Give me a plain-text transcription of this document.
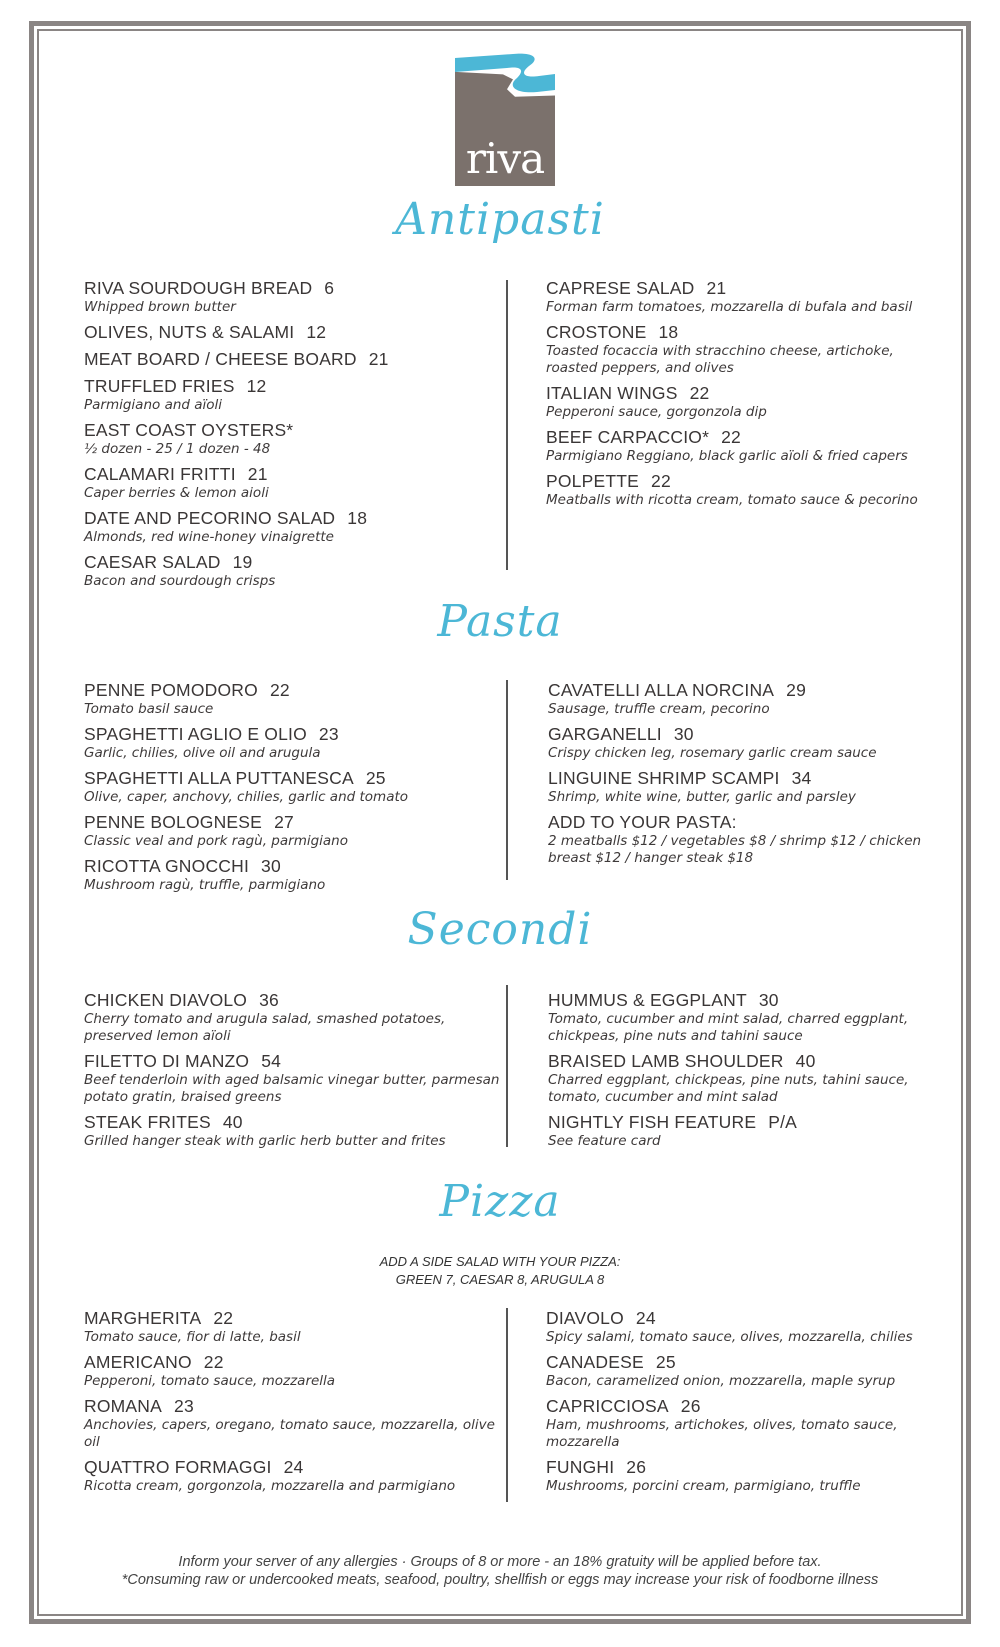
riva
Antipasti
RIVA SOURDOUGH BREAD 6
Whipped brown butter
OLIVES, NUTS & SALAMI 12
MEAT BOARD / CHEESE BOARD 21
TRUFFLED FRIES 12
Parmigiano and aïoli
EAST COAST OYSTERS*
½ dozen - 25 / 1 dozen - 48
CALAMARI FRITTI 21
Caper berries & lemon aioli
DATE AND PECORINO SALAD 18
Almonds, red wine-honey vinaigrette
CAESAR SALAD 19
Bacon and sourdough crisps
CAPRESE SALAD 21
Forman farm tomatoes, mozzarella di bufala and basil
CROSTONE 18
Toasted focaccia with stracchino cheese, artichoke, roasted peppers, and olives
ITALIAN WINGS 22
Pepperoni sauce, gorgonzola dip
BEEF CARPACCIO* 22
Parmigiano Reggiano, black garlic aïoli & fried capers
POLPETTE 22
Meatballs with ricotta cream, tomato sauce & pecorino
Pasta
PENNE POMODORO 22
Tomato basil sauce
SPAGHETTI AGLIO E OLIO 23
Garlic, chilies, olive oil and arugula
SPAGHETTI ALLA PUTTANESCA 25
Olive, caper, anchovy, chilies, garlic and tomato
PENNE BOLOGNESE 27
Classic veal and pork ragù, parmigiano
RICOTTA GNOCCHI 30
Mushroom ragù, truffle, parmigiano
CAVATELLI ALLA NORCINA 29
Sausage, truffle cream, pecorino
GARGANELLI 30
Crispy chicken leg, rosemary garlic cream sauce
LINGUINE SHRIMP SCAMPI 34
Shrimp, white wine, butter, garlic and parsley
ADD TO YOUR PASTA:
2 meatballs $12 / vegetables $8 / shrimp $12 / chicken breast $12 / hanger steak $18
Secondi
CHICKEN DIAVOLO 36
Cherry tomato and arugula salad, smashed potatoes, preserved lemon aïoli
FILETTO DI MANZO 54
Beef tenderloin with aged balsamic vinegar butter, parmesan potato gratin, braised greens
STEAK FRITES 40
Grilled hanger steak with garlic herb butter and frites
HUMMUS & EGGPLANT 30
Tomato, cucumber and mint salad, charred eggplant, chickpeas, pine nuts and tahini sauce
BRAISED LAMB SHOULDER 40
Charred eggplant, chickpeas, pine nuts, tahini sauce, tomato, cucumber and mint salad
NIGHTLY FISH FEATURE P/A
See feature card
Pizza
ADD A SIDE SALAD WITH YOUR PIZZA:
GREEN 7, CAESAR 8, ARUGULA 8
MARGHERITA 22
Tomato sauce, fior di latte, basil
AMERICANO 22
Pepperoni, tomato sauce, mozzarella
ROMANA 23
Anchovies, capers, oregano, tomato sauce, mozzarella, olive oil
QUATTRO FORMAGGI 24
Ricotta cream, gorgonzola, mozzarella and parmigiano
DIAVOLO 24
Spicy salami, tomato sauce, olives, mozzarella, chilies
CANADESE 25
Bacon, caramelized onion, mozzarella, maple syrup
CAPRICCIOSA 26
Ham, mushrooms, artichokes, olives, tomato sauce, mozzarella
FUNGHI 26
Mushrooms, porcini cream, parmigiano, truffle
Inform your server of any allergies · Groups of 8 or more - an 18% gratuity will be applied before tax.
*Consuming raw or undercooked meats, seafood, poultry, shellfish or eggs may increase your risk of foodborne illness
